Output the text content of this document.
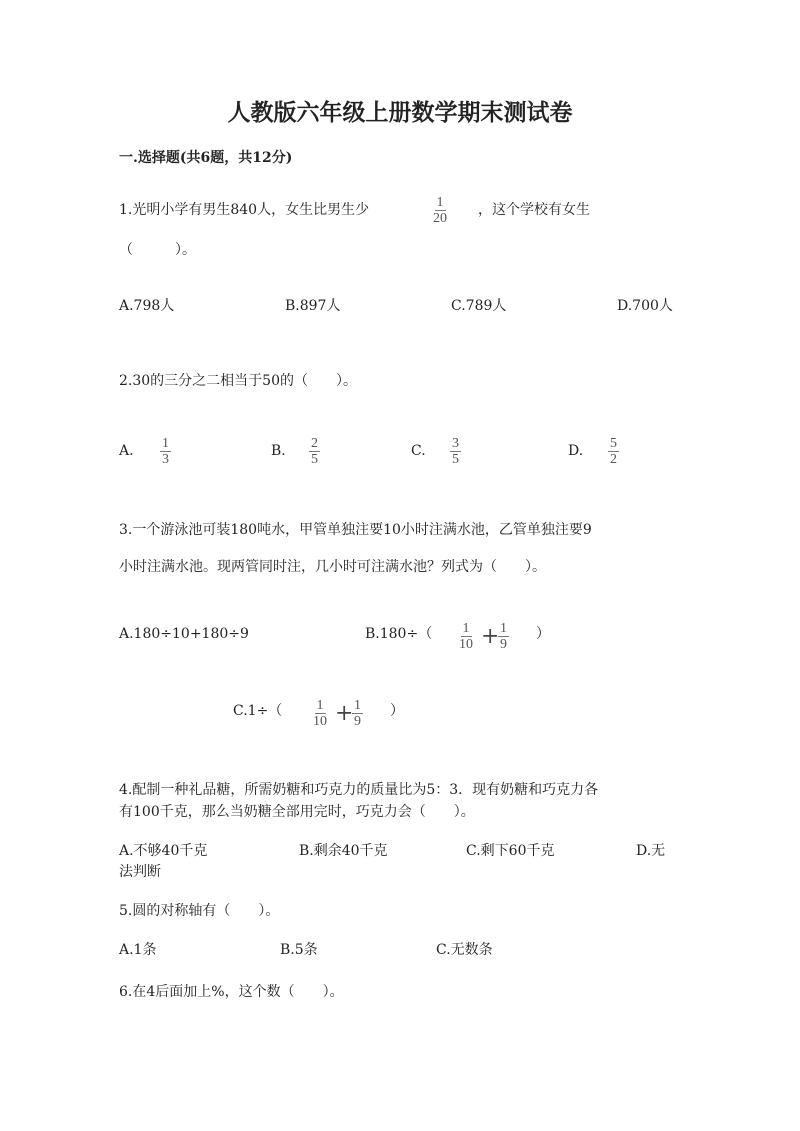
人教版六年级上册数学期末测试卷
一.选择题(共6题，共12分)
1.光明小学有男生840人，女生比男生少	$\frac{1}{20}$ ，这个学校有女生
（　　　）。
A.798人	B.897人	C.789人	D.700人
2.30的三分之二相当于50的（　　）。
A. $\frac{1}{3}$	B. $\frac{2}{5}$	C. $\frac{3}{5}$	D. $\frac{5}{2}$
3.一个游泳池可装180吨水，甲管单独注要10小时注满水池，乙管单独注要9
小时注满水池。现两管同时注，几小时可注满水池？列式为（　　）。
A.180÷10+180÷9	$B.180\div( \frac{1}{10}$ +
$\frac{1}{9}$ ）
$C.1\div( \frac{1}{10}$ +
$\frac{1}{9}$ ）
4.配制一种礼品糖，所需奶糖和巧克力的质量比为5：3．现有奶糖和巧克力各
有100千克，那么当奶糖全部用完时，巧克力会（　　）。
A.不够40千克	B.剩余40千克	C.剩下60千克	D.无
法判断
5.圆的对称轴有（　　）。
A.1条	B.5条	C.无数条
6.在4后面加上%，这个数（　　）。
